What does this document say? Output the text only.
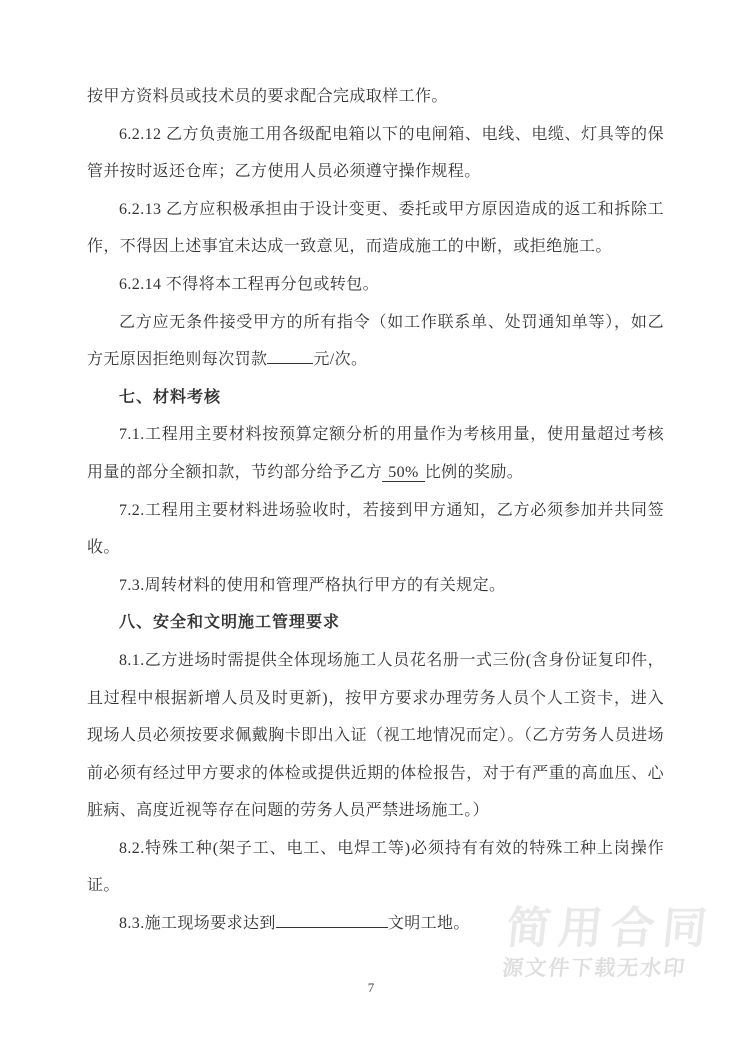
按甲方资料员或技术员的要求配合完成取样工作。

6.2.12 乙方负责施工用各级配电箱以下的电闸箱、电线、电缆、灯具等的保管并按时返还仓库；乙方使用人员必须遵守操作规程。

6.2.13 乙方应积极承担由于设计变更、委托或甲方原因造成的返工和拆除工作，不得因上述事宜未达成一致意见，而造成施工的中断，或拒绝施工。

6.2.14 不得将本工程再分包或转包。

乙方应无条件接受甲方的所有指令（如工作联系单、处罚通知单等），如乙方无原因拒绝则每次罚款	元/次。

七、材料考核

7.1.工程用主要材料按预算定额分析的用量作为考核用量，使用量超过考核用量的部分全额扣款，节约部分给予乙方 50% 比例的奖励。

7.2.工程用主要材料进场验收时，若接到甲方通知，乙方必须参加并共同签收。

7.3.周转材料的使用和管理严格执行甲方的有关规定。

八、安全和文明施工管理要求

8.1.乙方进场时需提供全体现场施工人员花名册一式三份(含身份证复印件，且过程中根据新增人员及时更新)，按甲方要求办理劳务人员个人工资卡，进入现场人员必须按要求佩戴胸卡即出入证（视工地情况而定）。（乙方劳务人员进场前必须有经过甲方要求的体检或提供近期的体检报告，对于有严重的高血压、心脏病、高度近视等存在问题的劳务人员严禁进场施工。）

8.2.特殊工种(架子工、电工、电焊工等)必须持有有效的特殊工种上岗操作证。

8.3.施工现场要求达到	文明工地。 简用合同
源文件下载无水印
7
